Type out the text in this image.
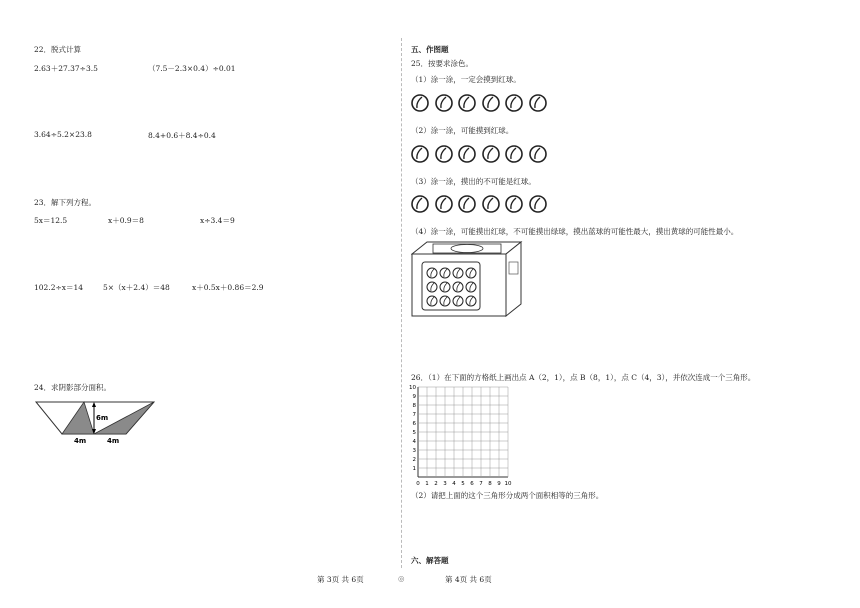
22．脱式计算
2.63＋27.37÷3.5	（7.5－2.3×0.4）÷0.01
3.64÷5.2×23.8	8.4+0.6＋8.4÷0.4
23．解下列方程。
5x＝12.5	x＋0.9＝8	x÷3.4＝9
102.2÷x＝14	5×（x＋2.4）＝48	x＋0.5x＋0.86＝2.9
24．求阴影部分面积。
6m
4m	4m
五、作图题
25．按要求涂色。
（1）涂一涂，一定会摸到红球。
（2）涂一涂，可能摸到红球。
（3）涂一涂，摸出的不可能是红球。
（4）涂一涂，可能摸出红球，不可能摸出绿球，摸出蓝球的可能性最大，摸出黄球的可能性最小。
26．（1）在下面的方格纸上画出点 A（2，1），点 B（8，1），点 C（4，3），并依次连成一个三角形。
0 1
1
2
2
3
3
4
4
5
5
6
6
7
7
8
8
9
9
10
10
（2）请把上面的这个三角形分成两个面积相等的三角形。
六、解答题
第 3页 共 6页	◎	第 4页 共 6页
